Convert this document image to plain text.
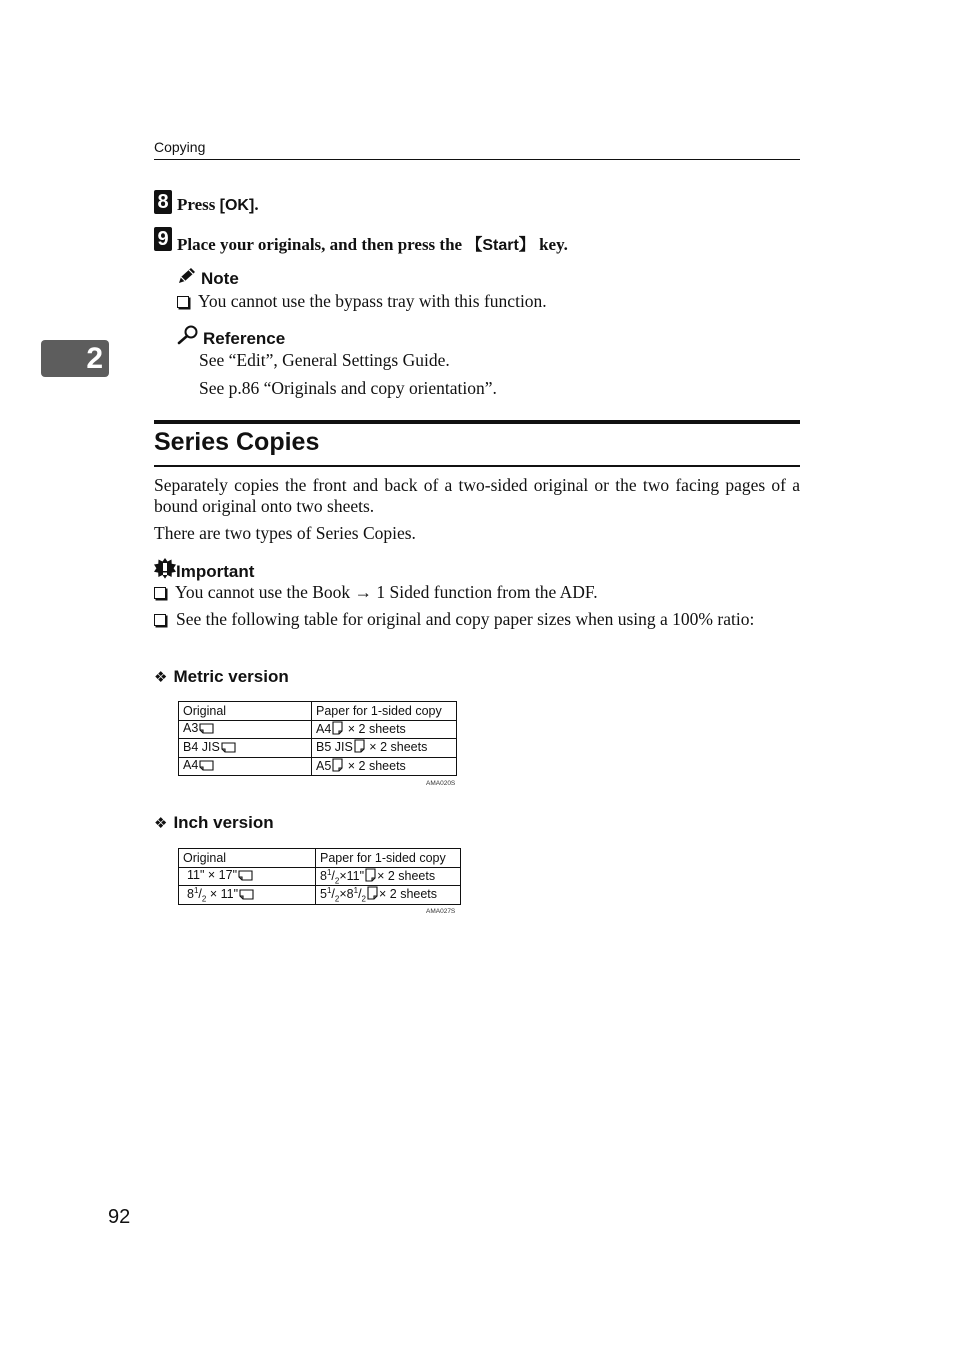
Copying
2
8 Press [OK].
9 Place your originals, and then press the 【Start】 key.
Note
You cannot use the bypass tray with this function.
Reference
See “Edit”, General Settings Guide.
See p.86 “Originals and copy orientation”.
Series Copies
Separately copies the front and back of a two-sided original or the two facing pages of a bound original onto two sheets.
There are two types of Series Copies.
Important
You cannot use the Book → 1 Sided function from the ADF.
See the following table for original and copy paper sizes when using a 100% ratio:
❖ Metric version
Original	Paper for 1-sided copy
A3	A4 × 2 sheets
B4 JIS	B5 JIS × 2 sheets
A4	A5 × 2 sheets
AMA020S
❖ Inch version
Original	Paper for 1-sided copy
11" × 17"	$8^1/_2\times 11$" × 2 sheets
$8^1/_2 \times 11$"	$5^1/_2\times 8^1/_2 \times 2$ sheets
AMA027S
92
